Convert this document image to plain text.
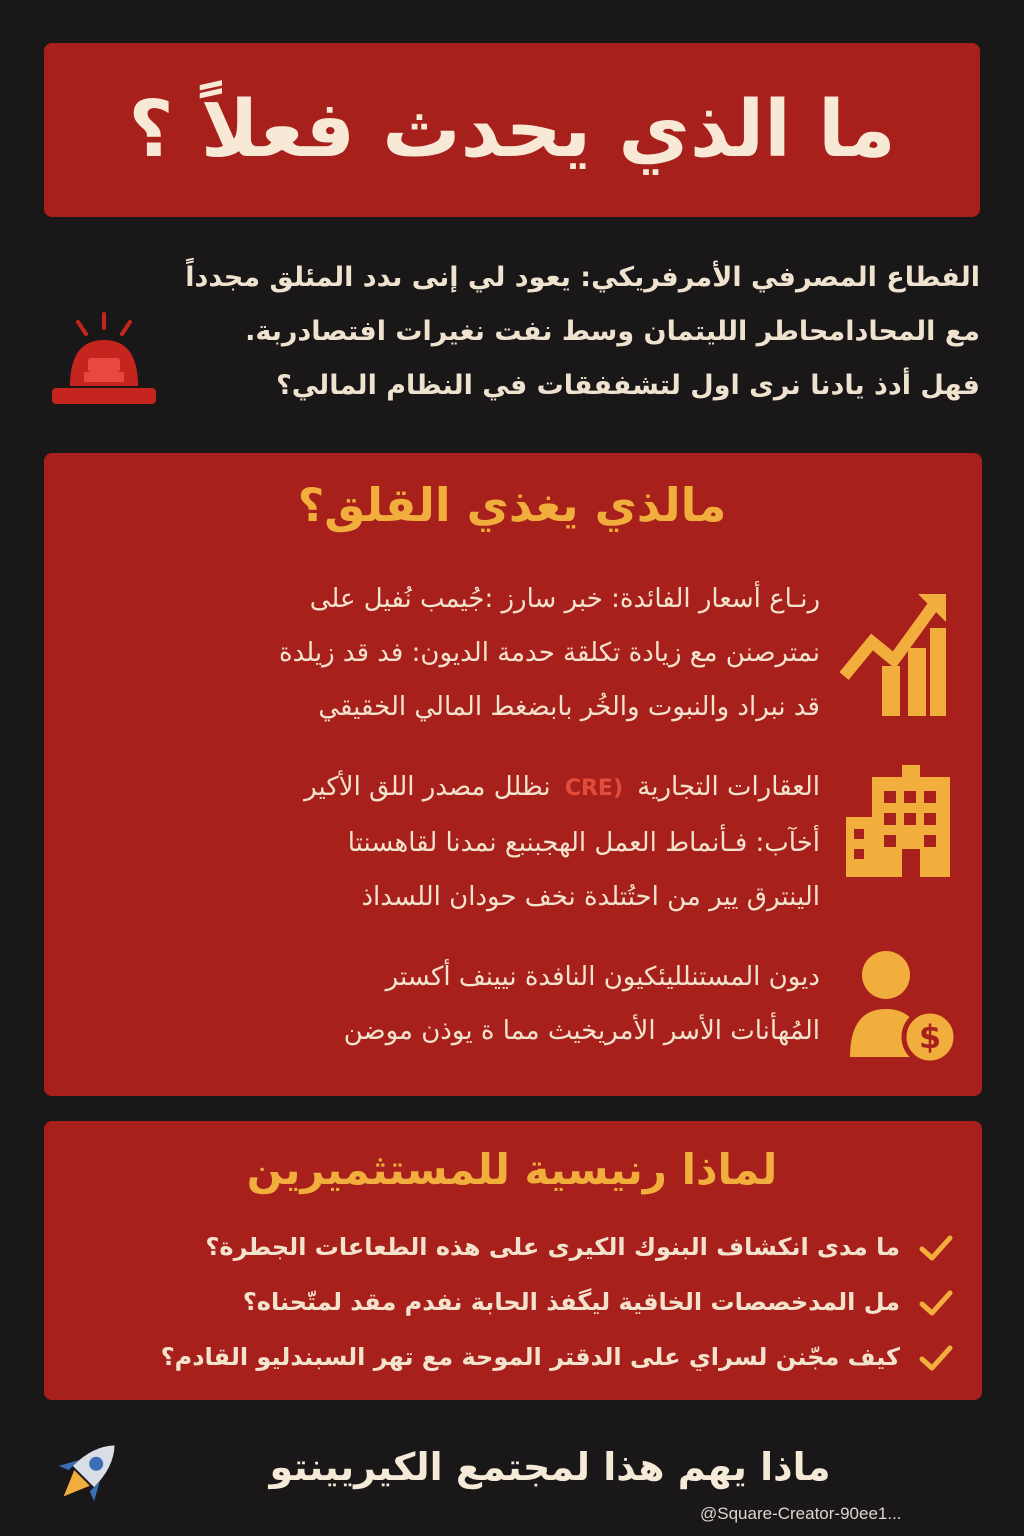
ما الذي يحدث فعلاً ؟

الفطاع المصرفي الأمرفريكي: يعود لي إنى ىدد المئلق مجدداً

مع المحادامحاطر الليتمان وسط نفت نغيرات افتصادربة.

فهل أدذ يادنا نرى اول لتشففقات في النظام المالي؟

مالذي يغذي القلق؟

رنـاع أسعار الفائدة: خبر سارز :جُيمب نُفيل على

نمترصنن مع زيادة تكلقة حدمة الديون: فد قد زيلدة

قد نبراد والنبوت والخُر بابضغط المالي الخقيقي

العقارات التجارية (CRE نظلل مصدر اللق الأكير

أخآب: فـأنماط العمل الهجبنبع نمدنا لقاهسنتا

الينترق يير من احتُتلدة نخف حودان اللسداذ

$

ديون المستنلليئكيون النافدة نيينف أكستر

المُهأنات الأسر الأمريخيث مما ة يوذن موضن

لماذا رنيسية للمستثميرين
ما مدى انكشاف البنوك الكيرى على هذه الطعاعات الجطرة؟
مل المدخصصات الخاقية ليگفذ الحابة نفدم مقد لمتّحناه؟
كيف مجّنن لسراي على الدقتر الموحة مع تهر السبندليو القادم؟

ماذا يهم هذا لمجتمع الكيريينتو

@Square-Creator-90ee1...
